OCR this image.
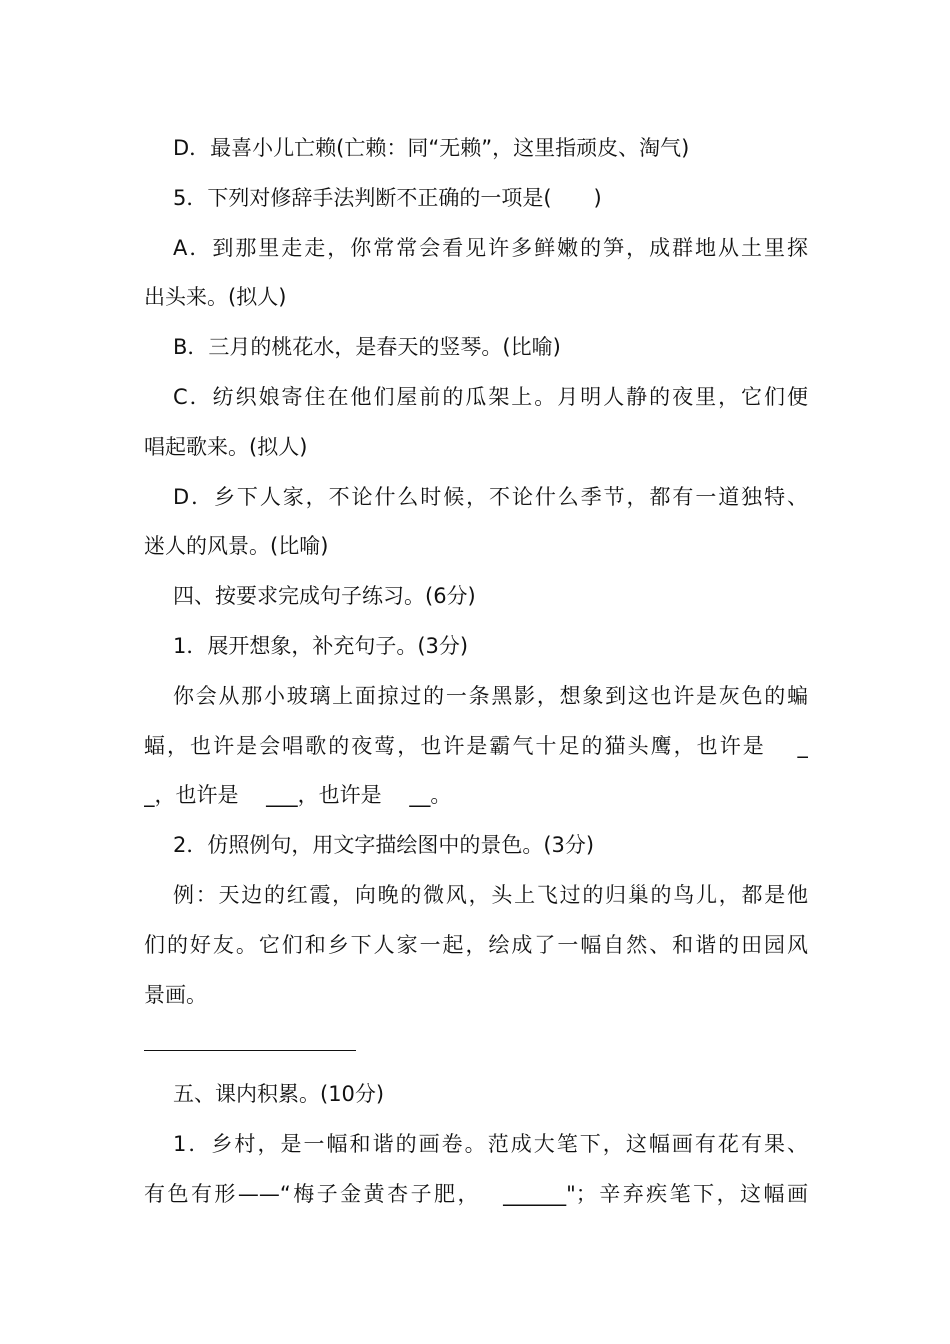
D．最喜小儿亡赖(亡赖：同“无赖”，这里指顽皮、淘气)
5．下列对修辞手法判断不正确的一项是(　　)
A．到那里走走，你常常会看见许多鲜嫩的笋，成群地从土里探
出头来。(拟人)
B．三月的桃花水，是春天的竖琴。(比喻)
C．纺织娘寄住在他们屋前的瓜架上。月明人静的夜里，它们便
唱起歌来。(拟人)
D．乡下人家，不论什么时候，不论什么季节，都有一道独特、
迷人的风景。(比喻)
四、按要求完成句子练习。(6分)
1．展开想象，补充句子。(3分)
你会从那小玻璃上面掠过的一条黑影，想象到这也许是灰色的蝙
蝠，也许是会唱歌的夜莺，也许是霸气十足的猫头鹰，也许是　 _
_，也许是　 ___，也许是　 __。
2．仿照例句，用文字描绘图中的景色。(3分)
例：天边的红霞，向晚的微风，头上飞过的归巢的鸟儿，都是他
们的好友。它们和乡下人家一起，绘成了一幅自然、和谐的田园风
景画。
五、课内积累。(10分)
1．乡村，是一幅和谐的画卷。范成大笔下，这幅画有花有果、
有色有形——“梅子金黄杏子肥，　 ______"；辛弃疾笔下，这幅画
